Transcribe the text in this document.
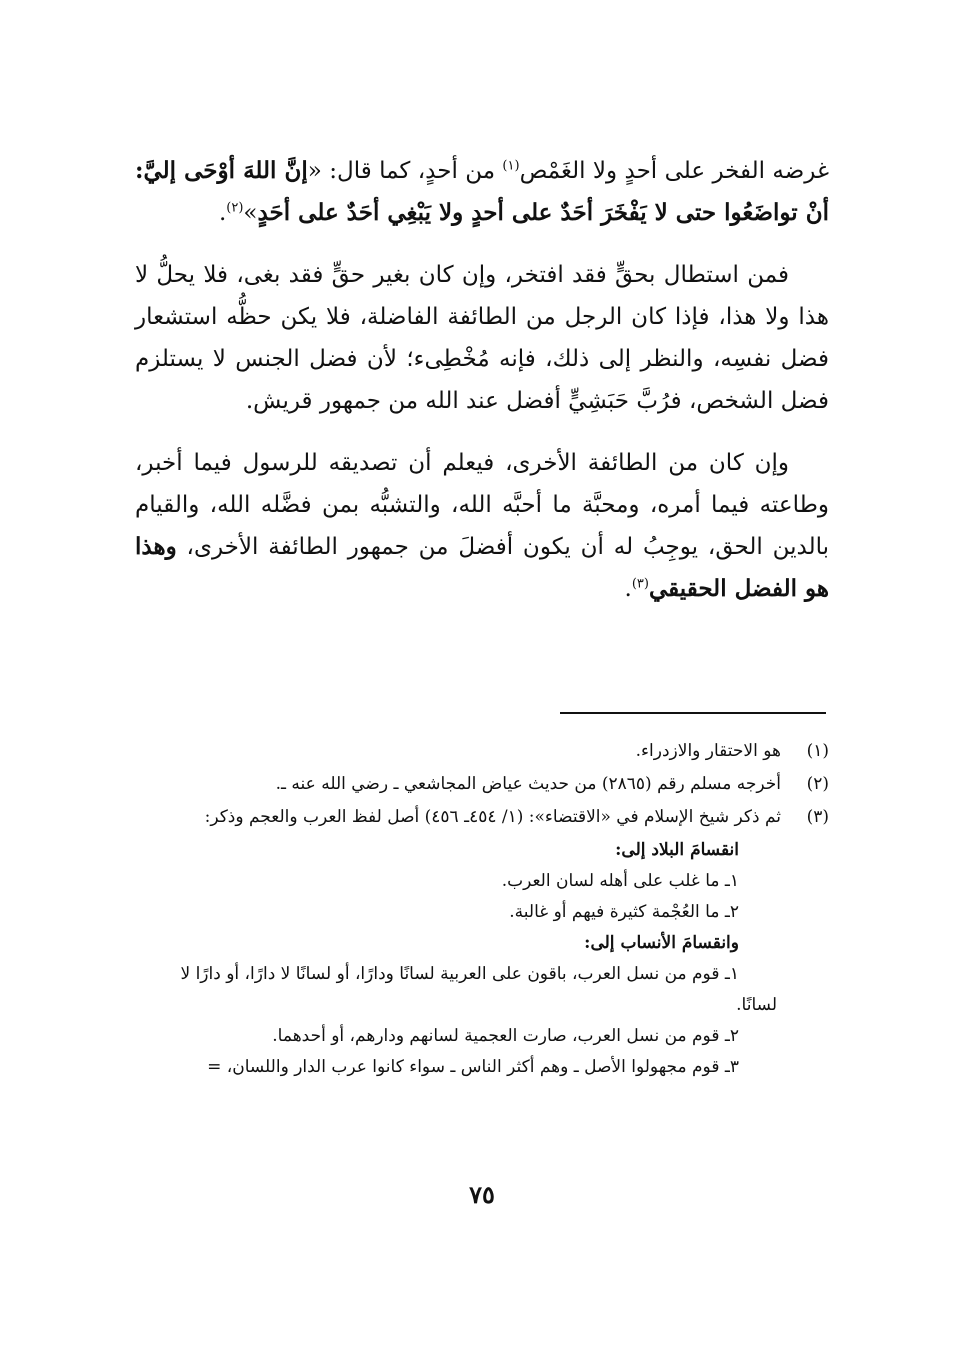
غرضه الفخر على أحدٍ ولا الغَمْص$^{(١)}$ من أحدٍ، كما قال: «إنَّ اللهَ أوْحَى إليَّ: أنْ تواضَعُوا حتى لا يَفْخَرَ أحَدٌ على أحدٍ ولا يَبْغِي أحَدٌ على أحَدٍ»$^{(٢)}$.

فمن استطال بحقٍّ فقد افتخر، وإن كان بغير حقٍّ فقد بغى، فلا يحلُّ لا هذا ولا هذا، فإذا كان الرجل من الطائفة الفاضلة، فلا يكن حظُّه استشعار فضل نفسِه، والنظر إلى ذلك، فإنه مُخْطِىء؛ لأن فضل الجنس لا يستلزم فضل الشخص، فرُبَّ حَبَشِيٍّ أفضل عند الله من جمهور قريش.

وإن كان من الطائفة الأخرى، فيعلم أن تصديقه للرسول فيما أخبر، وطاعته فيما أمره، ومحبَّة ما أحبَّه الله، والتشبُّه بمن فضَّله الله، والقيام بالدين الحق، يوجِبُ له أن يكون أفضلَ من جمهور الطائفة الأخرى، وهذا هو الفضل الحقيقي$^{(٣)}$.

(١)
هو الاحتقار والازدراء.
(٢)
أخرجه مسلم رقم (٢٨٦٥) من حديث عياض المجاشعي ـ رضي الله عنه ـ.
(٣)
ثم ذكر شيخ الإسلام في «الاقتضاء»: (١/ ٤٥٤ـ ٤٥٦) أصل لفظ العرب والعجم وذكر:
انقسامَ البلاد إلى:
١ـ ما غلب على أهله لسان العرب.
٢ـ ما العُجْمة كثيرة فيهم أو غالبة.
وانقسامَ الأنساب إلى:
١ـ قوم من نسل العرب، باقون على العربية لسانًا ودارًا، أو لسانًا لا دارًا، أو دارًا لا لسانًا.
٢ـ قوم من نسل العرب، صارت العجمية لسانهم ودارهم، أو أحدهما.
٣ـ قوم مجهولوا الأصل ـ وهم أكثر الناس ـ سواء كانوا عرب الدار واللسان، =
٧٥
